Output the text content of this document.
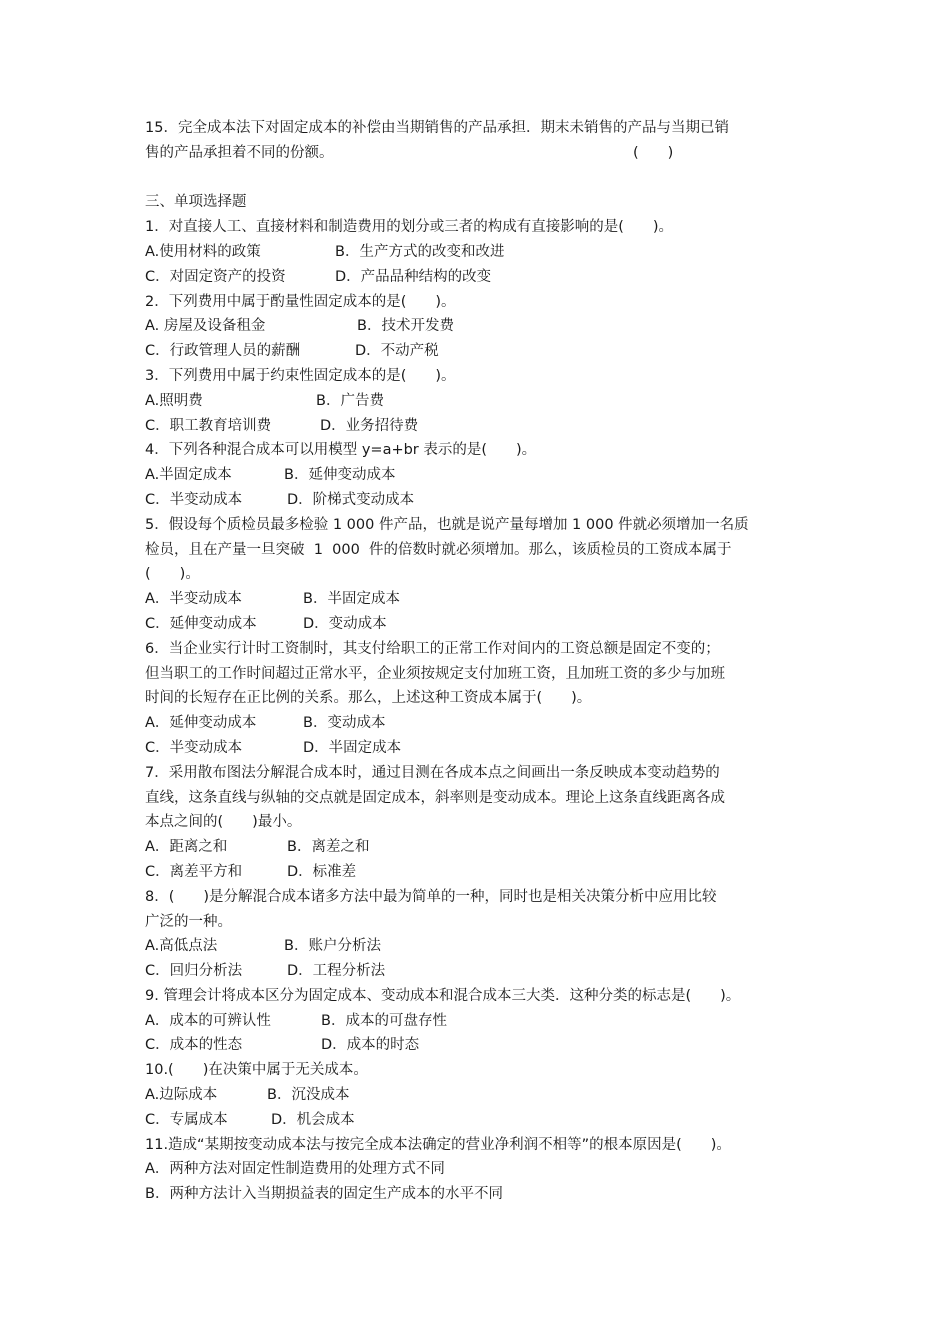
15．完全成本法下对固定成本的补偿由当期销售的产品承担．期末未销售的产品与当期已销
售的产品承担着不同的份额。	(　　)
三、单项选择题
1．对直接人工、直接材料和制造费用的划分或三者的构成有直接影响的是(　　)。
A.使用材料的政策	B．生产方式的改变和改进
C．对固定资产的投资	D．产品品种结构的改变
2．下列费用中属于酌量性固定成本的是(　　)。
A. 房屋及设备租金	B．技术开发费
C．行政管理人员的薪酬	D．不动产税
3．下列费用中属于约束性固定成本的是(　　)。
A.照明费	B．广告费
C．职工教育培训费	D．业务招待费
4．下列各种混合成本可以用模型 y=a+br 表示的是(　　)。
A.半固定成本	B．延伸变动成本
C．半变动成本	D．阶梯式变动成本
5．假设每个质检员最多检验 1 000 件产品，也就是说产量每增加 1 000 件就必须增加一名质
检员，且在产量一旦突破  1  000  件的倍数时就必须增加。那么，该质检员的工资成本属于
(　　)。
A．半变动成本	B．半固定成本
C．延伸变动成本	D．变动成本
6．当企业实行计时工资制时，其支付给职工的正常工作对间内的工资总额是固定不变的；
但当职工的工作时间超过正常水平，企业须按规定支付加班工资，且加班工资的多少与加班
时间的长短存在正比例的关系。那么，上述这种工资成本属于(　　)。
A．延伸变动成本	B．变动成本
C．半变动成本	D．半固定成本
7．采用散布图法分解混合成本时，通过目测在各成本点之间画出一条反映成本变动趋势的
直线，这条直线与纵轴的交点就是固定成本，斜率则是变动成本。理论上这条直线距离各成
本点之间的(　　)最小。
A．距离之和	B．离差之和
C．离差平方和	D．标准差
8．(　　)是分解混合成本诸多方法中最为简单的一种，同时也是相关决策分析中应用比较
广泛的一种。
A.高低点法	B．账户分析法
C．回归分析法	D．工程分析法
9. 管理会计将成本区分为固定成本、变动成本和混合成本三大类．这种分类的标志是(　　)。
A．成本的可辨认性	B．成本的可盘存性
C．成本的性态	D．成本的时态
10.(　　)在决策中属于无关成本。
A.边际成本	B．沉没成本
C．专属成本	D．机会成本
11.造成“某期按变动成本法与按完全成本法确定的营业净利润不相等”的根本原因是(　　)。
A．两种方法对固定性制造费用的处理方式不同
B．两种方法计入当期损益表的固定生产成本的水平不同
